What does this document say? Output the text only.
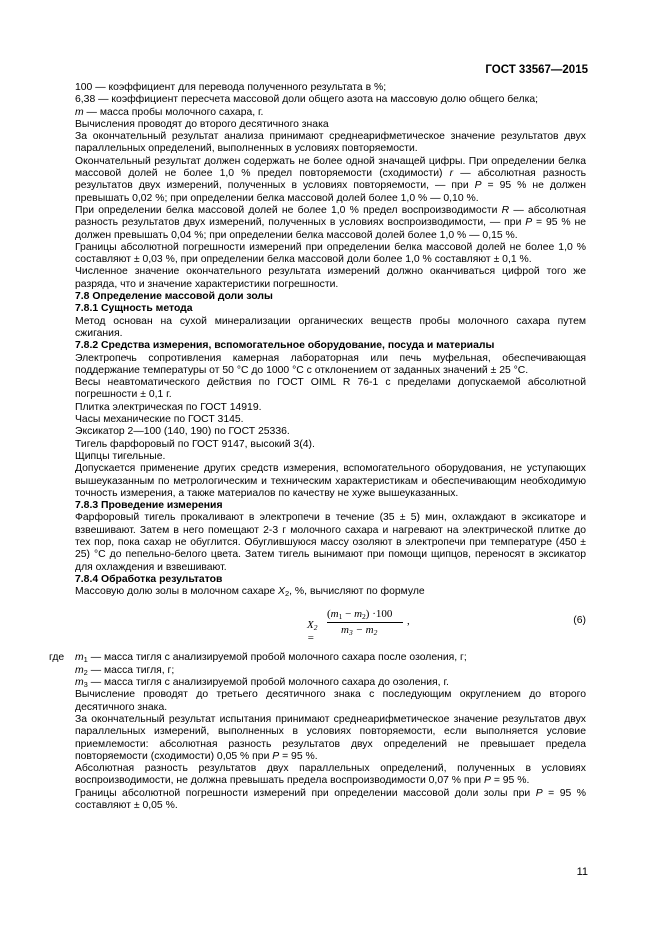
ГОСТ 33567—2015

100 — коэффициент для перевода полученного результата в %;

6,38 — коэффициент пересчета массовой доли общего азота на массовую долю общего белка;

m — масса пробы молочного сахара, г.

Вычисления проводят до второго десятичного знака

За окончательный результат анализа принимают среднеарифметическое значение результатов двух параллельных определений, выполненных в условиях повторяемости.

Окончательный результат должен содержать не более одной значащей цифры. При определении белка массовой долей не более 1,0 % предел повторяемости (сходимости) r — абсолютная разность результатов двух измерений, полученных в условиях повторяемости, — при P = 95 % не должен превышать 0,02 %; при определении белка массовой долей более 1,0 % — 0,10 %.

При определении белка массовой долей не более 1,0 % предел воспроизводимости R — абсолютная разность результатов двух измерений, полученных в условиях воспроизводимости, — при P = 95 % не должен превышать 0,04 %; при определении белка массовой долей более 1,0 % — 0,15 %.

Границы абсолютной погрешности измерений при определении белка массовой долей не более 1,0 % составляют ± 0,03 %, при определении белка массовой доли более 1,0 % составляют ± 0,1 %.

Численное значение окончательного результата измерений должно оканчиваться цифрой того же разряда, что и значение характеристики погрешности.

7.8 Определение массовой доли золы

7.8.1 Сущность метода

Метод основан на сухой минерализации органических веществ пробы молочного сахара путем сжигания.

7.8.2 Средства измерения, вспомогательное оборудование, посуда и материалы

Электропечь сопротивления камерная лабораторная или печь муфельная, обеспечивающая поддержание температуры от 50 °С до 1000 °С с отклонением от заданных значений ± 25 °С.

Весы неавтоматического действия по ГОСТ OIML R 76-1 с пределами допускаемой абсолютной погрешности ± 0,1 г.

Плитка электрическая по ГОСТ 14919.

Часы механические по ГОСТ 3145.

Эксикатор 2—100 (140, 190) по ГОСТ 25336.

Тигель фарфоровый по ГОСТ 9147, высокий 3(4).

Щипцы тигельные.

Допускается применение других средств измерения, вспомогательного оборудования, не уступающих вышеуказанным по метрологическим и техническим характеристикам и обеспечивающим необходимую точность измерения, а также материалов по качеству не хуже вышеуказанных.

7.8.3 Проведение измерения

Фарфоровый тигель прокаливают в электропечи в течение (35 ± 5) мин, охлаждают в эксикаторе и взвешивают. Затем в него помещают 2-3 г молочного сахара и нагревают на электрической плитке до тех пор, пока сахар не обуглится. Обуглившуюся массу озоляют в электропечи при температуре (450 ± 25) °С до пепельно-белого цвета. Затем тигель вынимают при помощи щипцов, переносят в эксикатор для охлаждения и взвешивают.

7.8.4 Обработка результатов

Массовую долю золы в молочном сахаре $X_2$, %, вычисляют по формуле

$X_2$ =
$(m_1 - m_2) \cdot 100$
$m_3 - m_2$
,	(6)
где $m_1$ — масса тигля с анализируемой пробой молочного сахара после озоления, г;

$m_2$ — масса тигля, г;

$m_3$ — масса тигля с анализируемой пробой молочного сахара до озоления, г.

Вычисление проводят до третьего десятичного знака с последующим округлением до второго десятичного знака.

За окончательный результат испытания принимают среднеарифметическое значение результатов двух параллельных измерений, выполненных в условиях повторяемости, если выполняется условие приемлемости: абсолютная разность результатов двух определений не превышает предела повторяемости (сходимости) 0,05 % при P = 95 %.

Абсолютная разность результатов двух параллельных определений, полученных в условиях воспроизводимости, не должна превышать предела воспроизводимости 0,07 % при P = 95 %.

Границы абсолютной погрешности измерений при определении массовой доли золы при P = 95 % составляют ± 0,05 %.

11
